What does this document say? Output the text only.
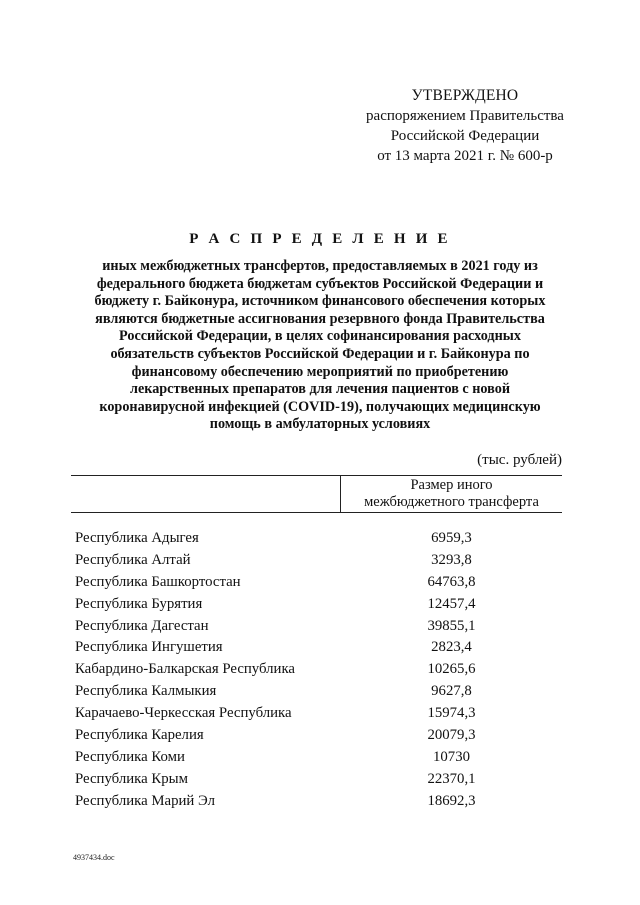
УТВЕРЖДЕНО
распоряжением Правительства
Российской Федерации
от 13 марта 2021 г. № 600-р
Р А С П Р Е Д Е Л Е Н И Е
иных межбюджетных трансфертов, предоставляемых в 2021 году из
федерального бюджета бюджетам субъектов Российской Федерации и
бюджету г. Байконура, источником финансового обеспечения которых
являются бюджетные ассигнования резервного фонда Правительства
Российской Федерации, в целях софинансирования расходных
обязательств субъектов Российской Федерации и г. Байконура по
финансовому обеспечению мероприятий по приобретению
лекарственных препаратов для лечения пациентов с новой
коронавирусной инфекцией (COVID-19), получающих медицинскую
помощь в амбулаторных условиях
(тыс. рублей)
Размер иного
межбюджетного трансферта
Республика Адыгея	6959,3
Республика Алтай	3293,8
Республика Башкортостан	64763,8
Республика Бурятия	12457,4
Республика Дагестан	39855,1
Республика Ингушетия	2823,4
Кабардино-Балкарская Республика	10265,6
Республика Калмыкия	9627,8
Карачаево-Черкесская Республика	15974,3
Республика Карелия	20079,3
Республика Коми	10730
Республика Крым	22370,1
Республика Марий Эл	18692,3
4937434.doc
